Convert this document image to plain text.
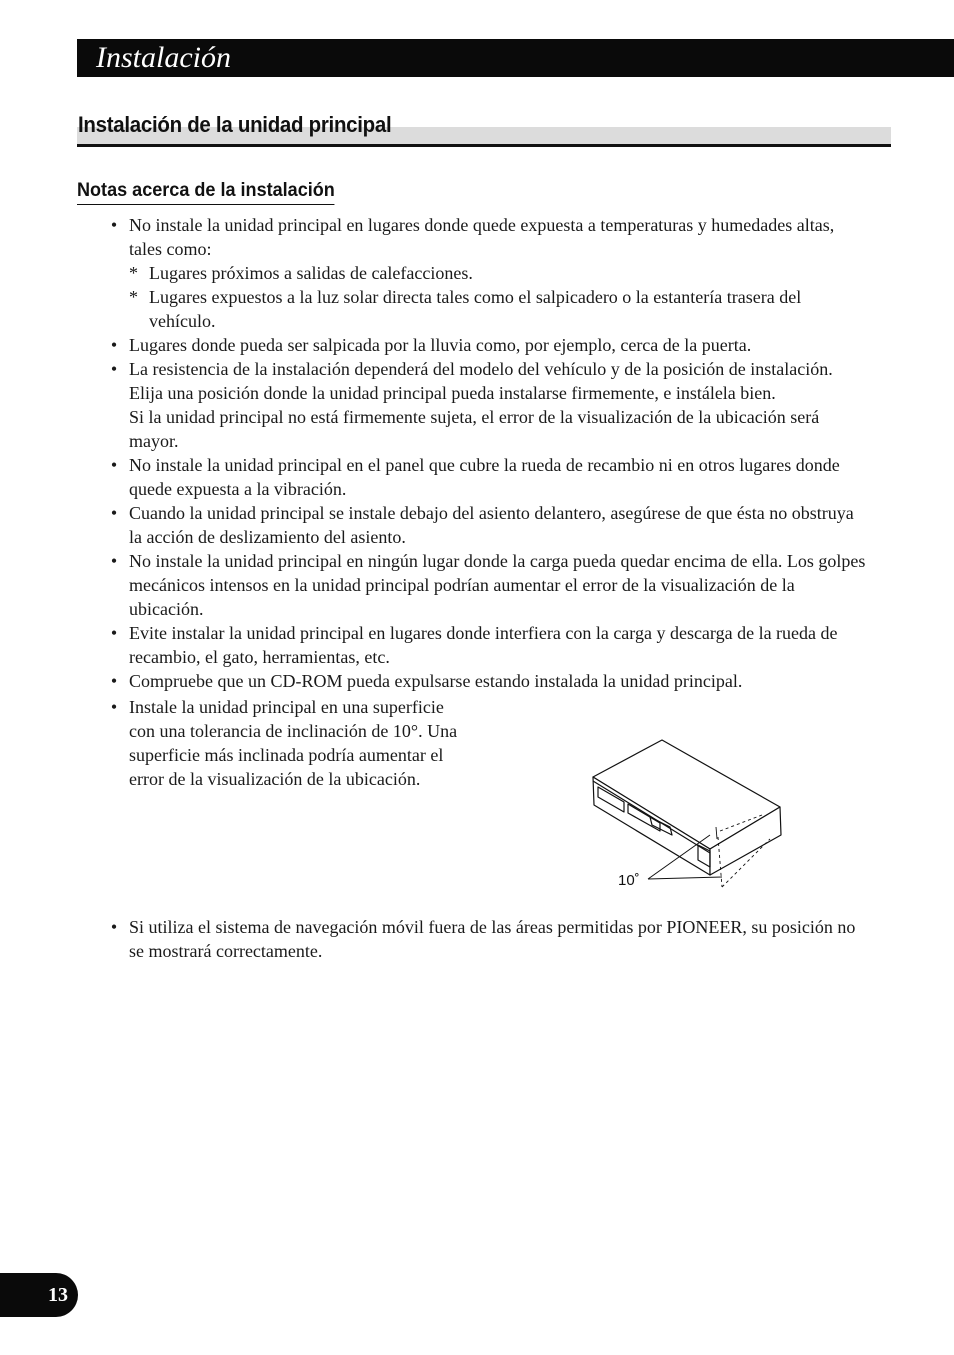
Instalación
Instalación de la unidad principal
Notas acerca de la instalación
• No instale la unidad principal en lugares donde quede expuesta a temperaturas y humedades altas, tales como:
* Lugares próximos a salidas de calefacciones.
* Lugares expuestos a la luz solar directa tales como el salpicadero o la estantería trasera del vehículo.
• Lugares donde pueda ser salpicada por la lluvia como, por ejemplo, cerca de la puerta.
• La resistencia de la instalación dependerá del modelo del vehículo y de la posición de instalación. Elija una posición donde la unidad principal pueda instalarse firmemente, e instálela bien.
Si la unidad principal no está firmemente sujeta, el error de la visualización de la ubicación será mayor.
• No instale la unidad principal en el panel que cubre la rueda de recambio ni en otros lugares donde quede expuesta a la vibración.
• Cuando la unidad principal se instale debajo del asiento delantero, asegúrese de que ésta no obstruya la acción de deslizamiento del asiento.
• No instale la unidad principal en ningún lugar donde la carga pueda quedar encima de ella. Los golpes mecánicos intensos en la unidad principal podrían aumentar el error de la visualización de la ubicación.
• Evite instalar la unidad principal en lugares donde interfiera con la carga y descarga de la rueda de recambio, el gato, herramientas, etc.
• Compruebe que un CD-ROM pueda expulsarse estando instalada la unidad principal.
• Instale la unidad principal en una superficie con una tolerancia de inclinación de 10°. Una superficie más inclinada podría aumentar el error de la visualización de la ubicación.
10˚
• Si utiliza el sistema de navegación móvil fuera de las áreas permitidas por PIONEER, su posición no se mostrará correctamente.
13
